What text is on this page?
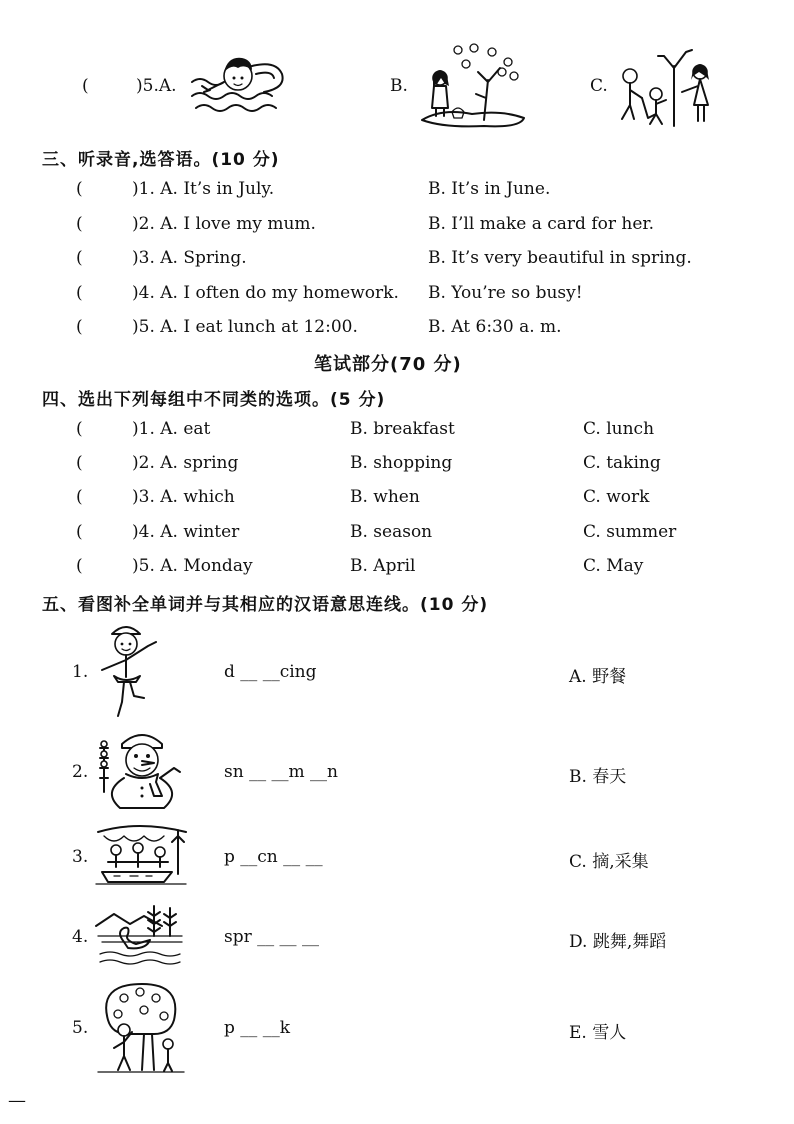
(	)5.A.	B.	C.
三、听录音,选答语。(10 分)
(	)1. A. It’s in July.	B. It’s in June.
(	)2. A. I love my mum.	B. I’ll make a card for her.
(	)3. A. Spring.	B. It’s very beautiful in spring.
(	)4. A. I often do my homework. B. You’re so busy!
(	)5. A. I eat lunch at 12:00.	B. At 6:30 a. m.
笔试部分(70 分)
四、选出下列每组中不同类的选项。(5 分)
(	)1. A. eat	B. breakfast	C. lunch
(	)2. A. spring	B. shopping	C. taking
(	)3. A. which	B. when	C. work
(	)4. A. winter	B. season	C. summer
(	)5. A. Monday	B. April	C. May
五、看图补全单词并与其相应的汉语意思连线。(10 分)
1.	d __ __cing	A. 野餐
2.	sn __ __m __n	B. 春天
3.	p __cn __ __	C. 摘,采集
4.	spr __ __ __	D. 跳舞,舞蹈
5.	p __ __k	E. 雪人
—
